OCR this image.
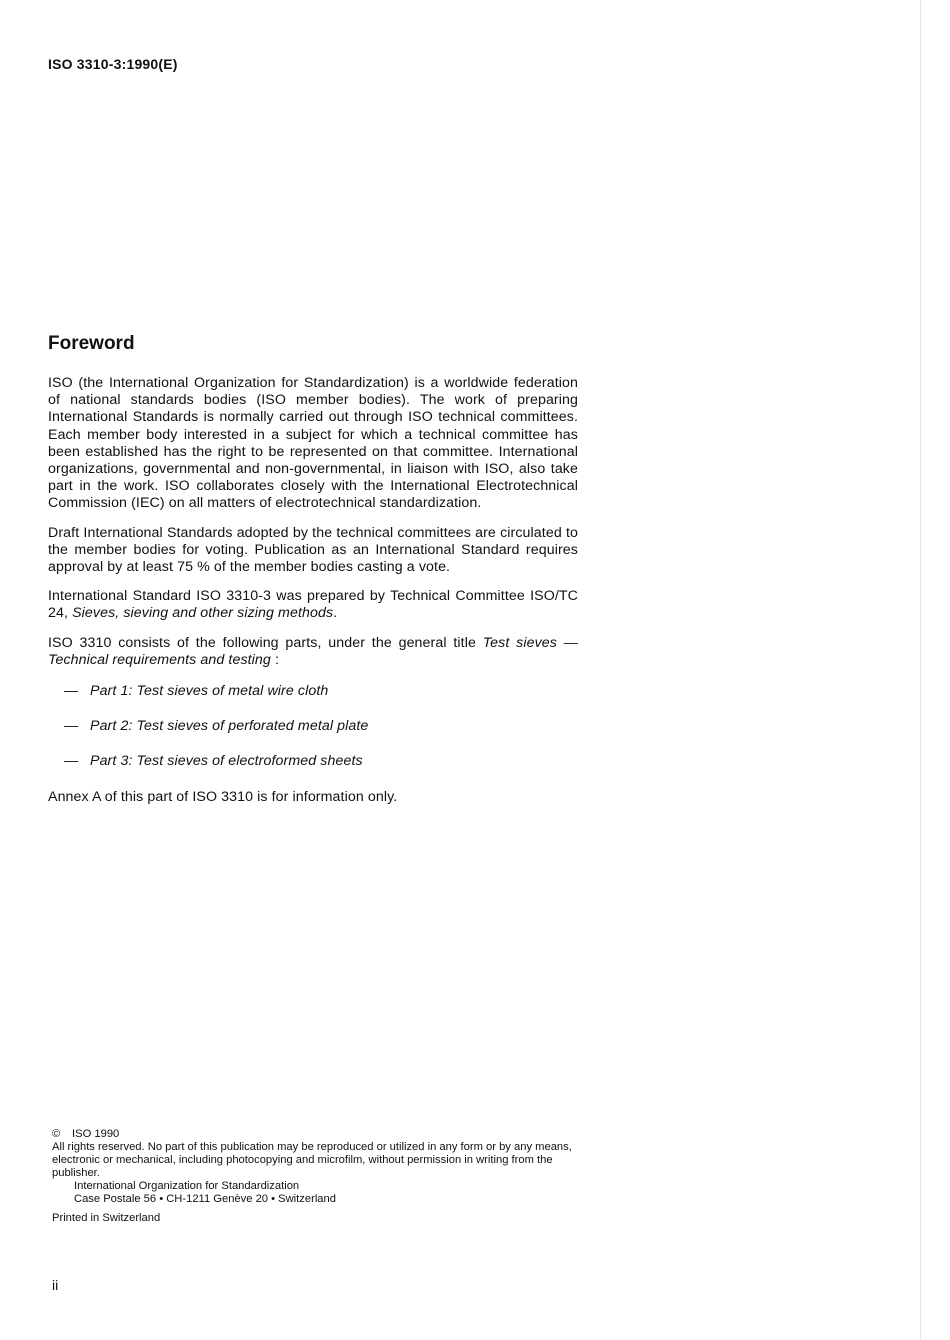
ISO 3310-3:1990(E)
Foreword

ISO (the International Organization for Standardization) is a worldwide federation of national standards bodies (ISO member bodies). The work of preparing International Standards is normally carried out through ISO technical committees. Each member body interested in a subject for which a technical committee has been established has the right to be represented on that committee. International organizations, governmental and non-governmental, in liaison with ISO, also take part in the work. ISO collaborates closely with the International Electrotechnical Commission (IEC) on all matters of electrotechnical standardization.

Draft International Standards adopted by the technical committees are circulated to the member bodies for voting. Publication as an International Standard requires approval by at least 75 % of the member bodies casting a vote.

International Standard ISO 3310-3 was prepared by Technical Committee ISO/TC 24, Sieves, sieving and other sizing methods.

ISO 3310 consists of the following parts, under the general title Test sieves — Technical requirements and testing :

— Part 1: Test sieves of metal wire cloth
— Part 2: Test sieves of perforated metal plate
— Part 3: Test sieves of electroformed sheets

Annex A of this part of ISO 3310 is for information only.

© ISO 1990

All rights reserved. No part of this publication may be reproduced or utilized in any form or by any means, electronic or mechanical, including photocopying and microfilm, without permission in writing from the publisher.

International Organization for Standardization

Case Postale 56 • CH-1211 Genève 20 • Switzerland

Printed in Switzerland

ii
